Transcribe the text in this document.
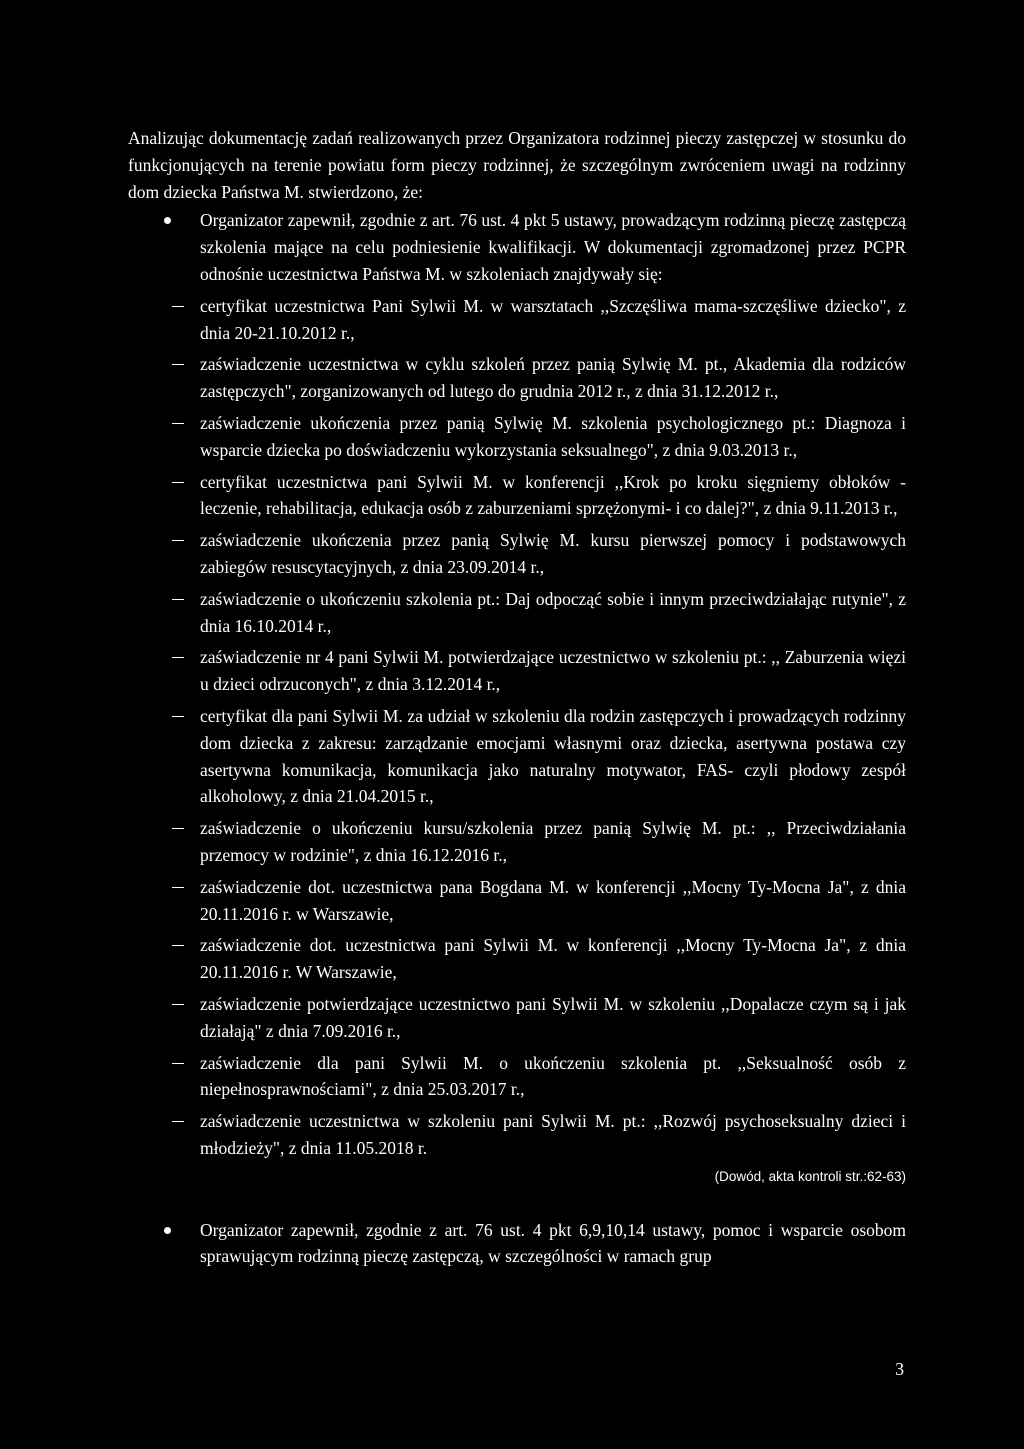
Analizując dokumentację zadań realizowanych przez Organizatora rodzinnej pieczy zastępczej w stosunku do funkcjonujących na terenie powiatu form pieczy rodzinnej, że szczególnym zwróceniem uwagi na rodzinny dom dziecka Państwa M. stwierdzono, że:

Organizator zapewnił, zgodnie z art. 76 ust. 4 pkt 5 ustawy, prowadzącym rodzinną pieczę zastępczą szkolenia mające na celu podniesienie kwalifikacji. W dokumentacji zgromadzonej przez PCPR odnośnie uczestnictwa Państwa M. w szkoleniach znajdywały się:

certyfikat uczestnictwa Pani Sylwii M. w warsztatach ,,Szczęśliwa mama-szczęśliwe dziecko", z dnia 20-21.10.2012 r.,
zaświadczenie uczestnictwa w cyklu szkoleń przez panią Sylwię M. pt., Akademia dla rodziców zastępczych", zorganizowanych od lutego do grudnia 2012 r., z dnia 31.12.2012 r.,
zaświadczenie ukończenia przez panią Sylwię M. szkolenia psychologicznego pt.: Diagnoza i wsparcie dziecka po doświadczeniu wykorzystania seksualnego", z dnia 9.03.2013 r.,
certyfikat uczestnictwa pani Sylwii M. w konferencji ,,Krok po kroku sięgniemy obłoków - leczenie, rehabilitacja, edukacja osób z zaburzeniami sprzężonymi- i co dalej?", z dnia 9.11.2013 r.,
zaświadczenie ukończenia przez panią Sylwię M. kursu pierwszej pomocy i podstawowych zabiegów resuscytacyjnych, z dnia 23.09.2014 r.,
zaświadczenie o ukończeniu szkolenia pt.: Daj odpocząć sobie i innym przeciwdziałając rutynie", z dnia 16.10.2014 r.,
zaświadczenie nr 4 pani Sylwii M. potwierdzające uczestnictwo w szkoleniu pt.: ,, Zaburzenia więzi u dzieci odrzuconych", z dnia 3.12.2014 r.,
certyfikat dla pani Sylwii M. za udział w szkoleniu dla rodzin zastępczych i prowadzących rodzinny dom dziecka z zakresu: zarządzanie emocjami własnymi oraz dziecka, asertywna postawa czy asertywna komunikacja, komunikacja jako naturalny motywator, FAS- czyli płodowy zespół alkoholowy, z dnia 21.04.2015 r.,
zaświadczenie o ukończeniu kursu/szkolenia przez panią Sylwię M. pt.: ,, Przeciwdziałania przemocy w rodzinie", z dnia 16.12.2016 r.,
zaświadczenie dot. uczestnictwa pana Bogdana M. w konferencji ,,Mocny Ty-Mocna Ja", z dnia 20.11.2016 r. w Warszawie,
zaświadczenie dot. uczestnictwa pani Sylwii M. w konferencji ,,Mocny Ty-Mocna Ja", z dnia 20.11.2016 r. W Warszawie,
zaświadczenie potwierdzające uczestnictwo pani Sylwii M. w szkoleniu ,,Dopalacze czym są i jak działają" z dnia 7.09.2016 r.,
zaświadczenie dla pani Sylwii M. o ukończeniu szkolenia pt. ,,Seksualność osób z niepełnosprawnościami", z dnia 25.03.2017 r.,
zaświadczenie uczestnictwa w szkoleniu pani Sylwii M. pt.: ,,Rozwój psychoseksualny dzieci i młodzieży", z dnia 11.05.2018 r.

(Dowód, akta kontroli str.:62-63)

Organizator zapewnił, zgodnie z art. 76 ust. 4 pkt 6,9,10,14 ustawy, pomoc i wsparcie osobom sprawującym rodzinną pieczę zastępczą, w szczególności w ramach grup

3
